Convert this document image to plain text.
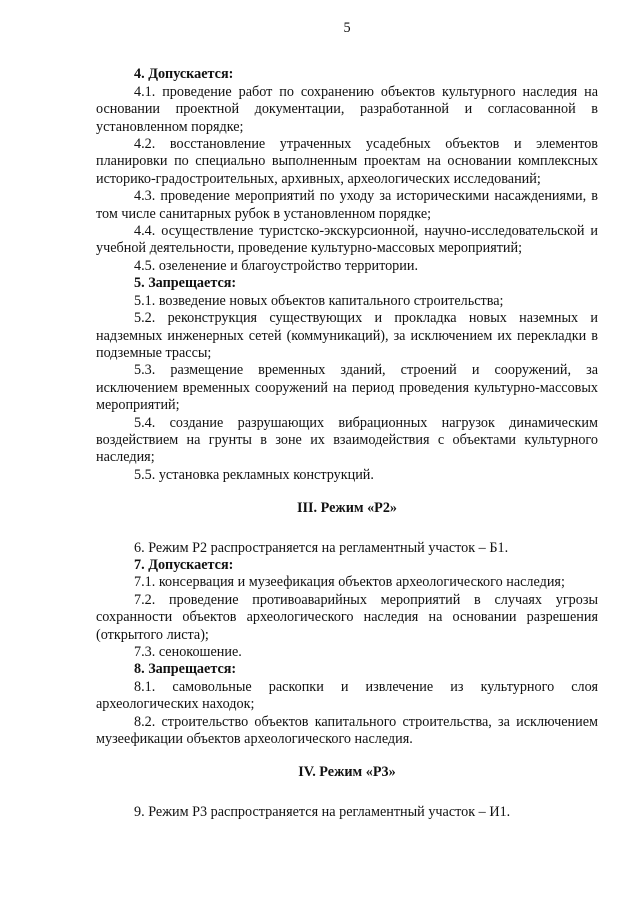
5

4. Допускается:

4.1. проведение работ по сохранению объектов культурного наследия на основании проектной документации, разработанной и согласованной в установленном порядке;

4.2. восстановление утраченных усадебных объектов и элементов планировки по специально выполненным проектам на основании комплексных историко-градостроительных, архивных, археологических исследований;

4.3. проведение мероприятий по уходу за историческими насаждениями, в том числе санитарных рубок в установленном порядке;

4.4. осуществление туристско-экскурсионной, научно-исследовательской и учебной деятельности, проведение культурно-массовых мероприятий;

4.5. озеленение и благоустройство территории.

5. Запрещается:

5.1. возведение новых объектов капитального строительства;

5.2. реконструкция существующих и прокладка новых наземных и надземных инженерных сетей (коммуникаций), за исключением их перекладки в подземные трассы;

5.3. размещение временных зданий, строений и сооружений, за исключением временных сооружений на период проведения культурно-массовых мероприятий;

5.4. создание разрушающих вибрационных нагрузок динамическим воздействием на грунты в зоне их взаимодействия с объектами культурного наследия;

5.5. установка рекламных конструкций.

III. Режим «Р2»

6. Режим Р2 распространяется на регламентный участок – Б1.

7. Допускается:

7.1. консервация и музеефикация объектов археологического наследия;

7.2. проведение противоаварийных мероприятий в случаях угрозы сохранности объектов археологического наследия на основании разрешения (открытого листа);

7.3. сенокошение.

8. Запрещается:

8.1. самовольные раскопки и извлечение из культурного слоя археологических находок;

8.2. строительство объектов капитального строительства, за исключением музеефикации объектов археологического наследия.

IV. Режим «Р3»

9. Режим Р3 распространяется на регламентный участок – И1.
